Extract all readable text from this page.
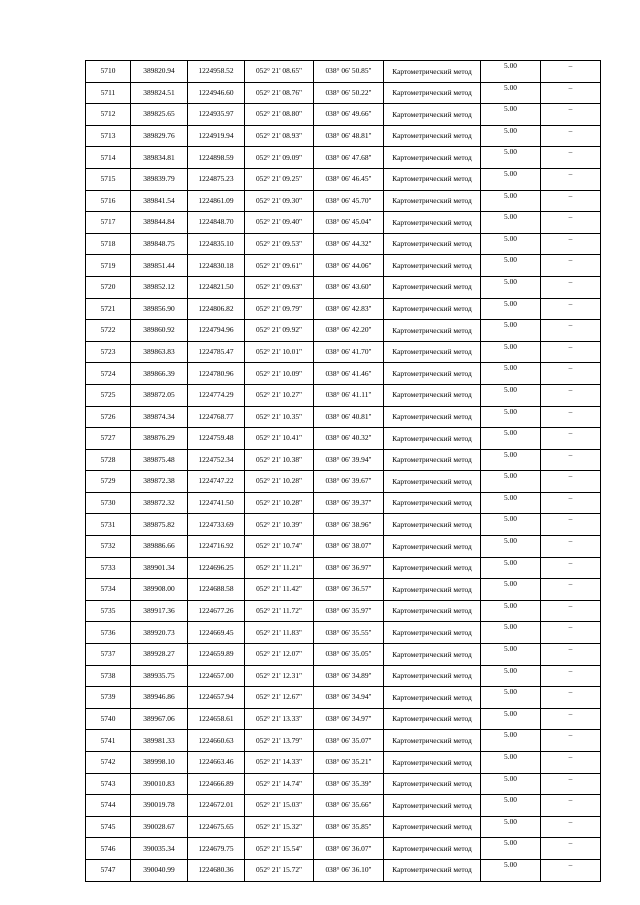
5710	389820.94	1224958.52	052° 21' 08.65"	038° 06' 50.85"	Картометрический метод	5.00	–
5711	389824.51	1224946.60	052° 21' 08.76"	038° 06' 50.22"	Картометрический метод	5.00	–
5712	389825.65	1224935.97	052° 21' 08.80"	038° 06' 49.66"	Картометрический метод	5.00	–
5713	389829.76	1224919.94	052° 21' 08.93"	038° 06' 48.81"	Картометрический метод	5.00	–
5714	389834.81	1224898.59	052° 21' 09.09"	038° 06' 47.68"	Картометрический метод	5.00	–
5715	389839.79	1224875.23	052° 21' 09.25"	038° 06' 46.45"	Картометрический метод	5.00	–
5716	389841.54	1224861.09	052° 21' 09.30"	038° 06' 45.70"	Картометрический метод	5.00	–
5717	389844.84	1224848.70	052° 21' 09.40"	038° 06' 45.04"	Картометрический метод	5.00	–
5718	389848.75	1224835.10	052° 21' 09.53"	038° 06' 44.32"	Картометрический метод	5.00	–
5719	389851.44	1224830.18	052° 21' 09.61"	038° 06' 44.06"	Картометрический метод	5.00	–
5720	389852.12	1224821.50	052° 21' 09.63"	038° 06' 43.60"	Картометрический метод	5.00	–
5721	389856.90	1224806.82	052° 21' 09.79"	038° 06' 42.83"	Картометрический метод	5.00	–
5722	389860.92	1224794.96	052° 21' 09.92"	038° 06' 42.20"	Картометрический метод	5.00	–
5723	389863.83	1224785.47	052° 21' 10.01"	038° 06' 41.70"	Картометрический метод	5.00	–
5724	389866.39	1224780.96	052° 21' 10.09"	038° 06' 41.46"	Картометрический метод	5.00	–
5725	389872.05	1224774.29	052° 21' 10.27"	038° 06' 41.11"	Картометрический метод	5.00	–
5726	389874.34	1224768.77	052° 21' 10.35"	038° 06' 40.81"	Картометрический метод	5.00	–
5727	389876.29	1224759.48	052° 21' 10.41"	038° 06' 40.32"	Картометрический метод	5.00	–
5728	389875.48	1224752.34	052° 21' 10.38"	038° 06' 39.94"	Картометрический метод	5.00	–
5729	389872.38	1224747.22	052° 21' 10.28"	038° 06' 39.67"	Картометрический метод	5.00	–
5730	389872.32	1224741.50	052° 21' 10.28"	038° 06' 39.37"	Картометрический метод	5.00	–
5731	389875.82	1224733.69	052° 21' 10.39"	038° 06' 38.96"	Картометрический метод	5.00	–
5732	389886.66	1224716.92	052° 21' 10.74"	038° 06' 38.07"	Картометрический метод	5.00	–
5733	389901.34	1224696.25	052° 21' 11.21"	038° 06' 36.97"	Картометрический метод	5.00	–
5734	389908.00	1224688.58	052° 21' 11.42"	038° 06' 36.57"	Картометрический метод	5.00	–
5735	389917.36	1224677.26	052° 21' 11.72"	038° 06' 35.97"	Картометрический метод	5.00	–
5736	389920.73	1224669.45	052° 21' 11.83"	038° 06' 35.55"	Картометрический метод	5.00	–
5737	389928.27	1224659.89	052° 21' 12.07"	038° 06' 35.05"	Картометрический метод	5.00	–
5738	389935.75	1224657.00	052° 21' 12.31"	038° 06' 34.89"	Картометрический метод	5.00	–
5739	389946.86	1224657.94	052° 21' 12.67"	038° 06' 34.94"	Картометрический метод	5.00	–
5740	389967.06	1224658.61	052° 21' 13.33"	038° 06' 34.97"	Картометрический метод	5.00	–
5741	389981.33	1224660.63	052° 21' 13.79"	038° 06' 35.07"	Картометрический метод	5.00	–
5742	389998.10	1224663.46	052° 21' 14.33"	038° 06' 35.21"	Картометрический метод	5.00	–
5743	390010.83	1224666.89	052° 21' 14.74"	038° 06' 35.39"	Картометрический метод	5.00	–
5744	390019.78	1224672.01	052° 21' 15.03"	038° 06' 35.66"	Картометрический метод	5.00	–
5745	390028.67	1224675.65	052° 21' 15.32"	038° 06' 35.85"	Картометрический метод	5.00	–
5746	390035.34	1224679.75	052° 21' 15.54"	038° 06' 36.07"	Картометрический метод	5.00	–
5747	390040.99	1224680.36	052° 21' 15.72"	038° 06' 36.10"	Картометрический метод	5.00	–
